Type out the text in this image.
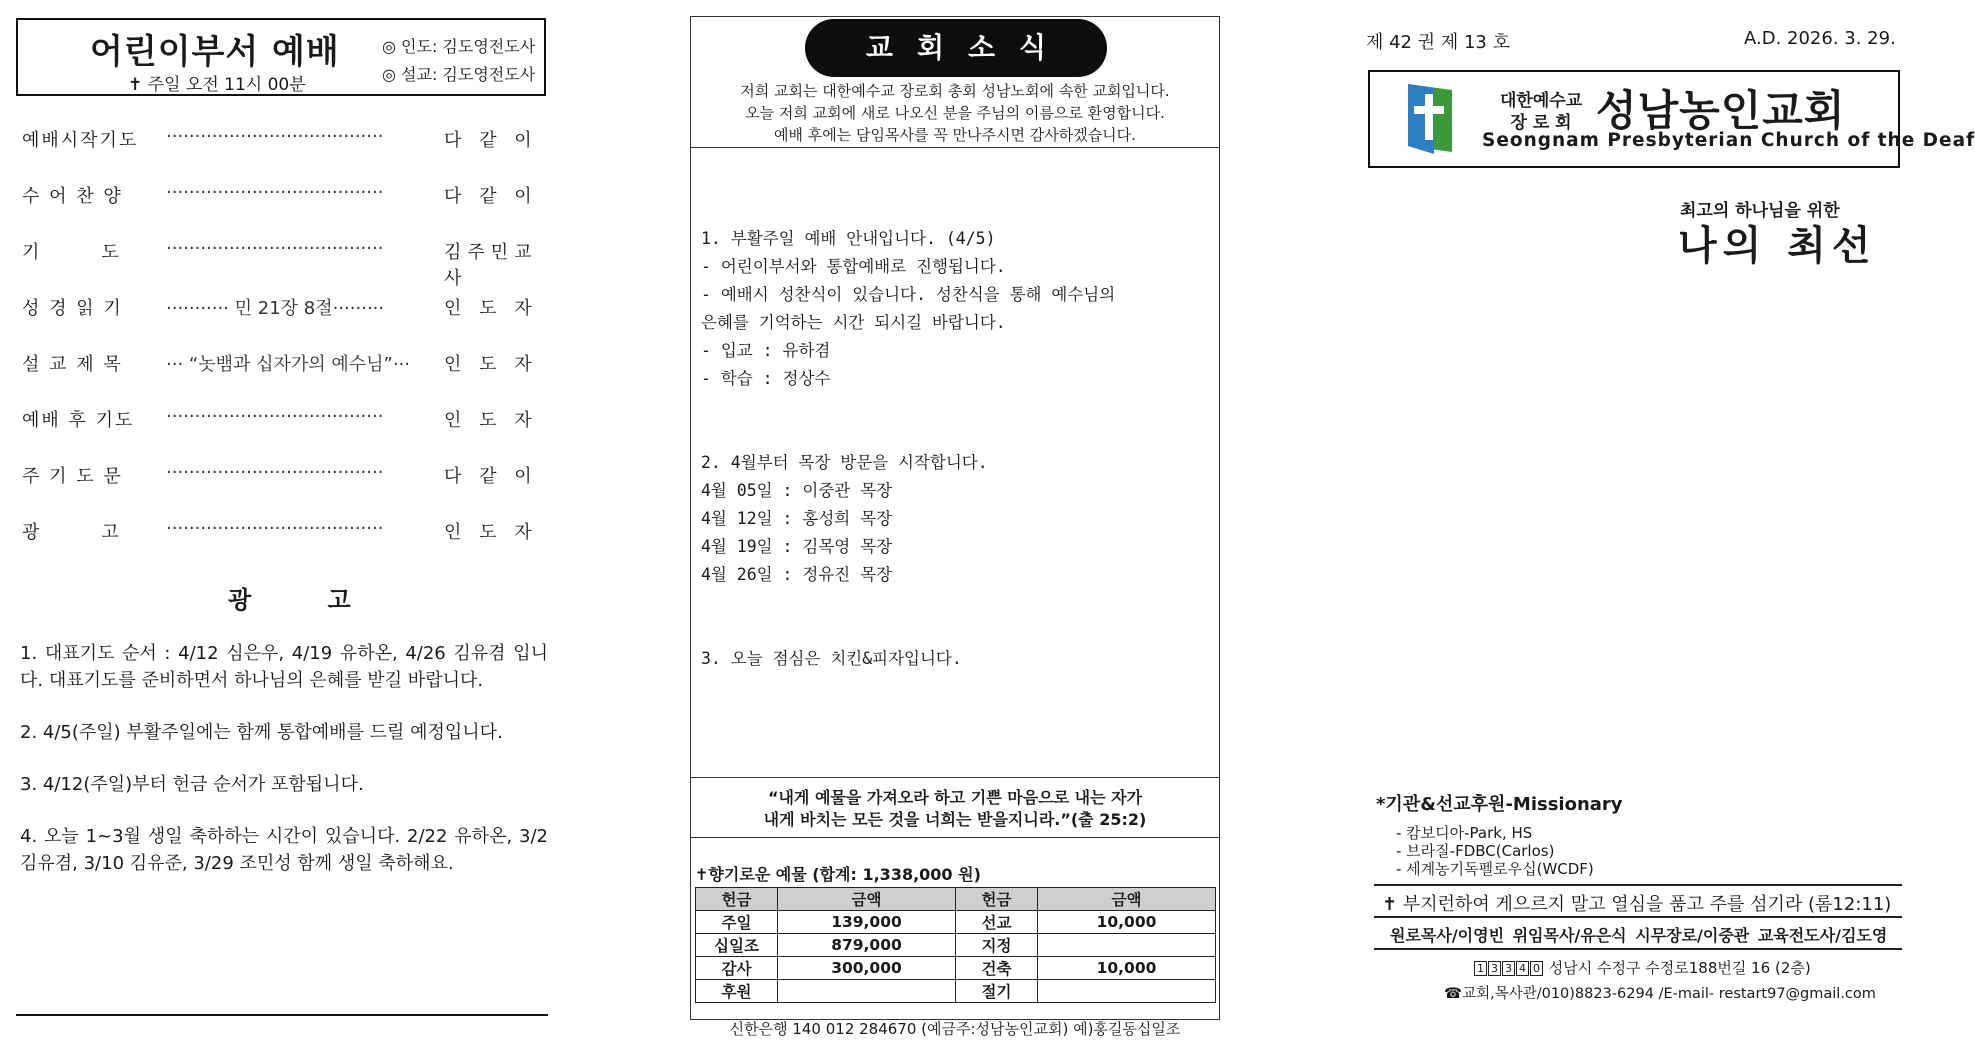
어린이부서 예배
✝ 주일 오전 11시 00분
◎ 인도: 김도영전도사
◎ 설교: 김도영전도사
예배시작기도 ······································	다 같 이
수 어 찬 양 ······································	다 같 이
기　　　도	······································	김주민교사
성 경 읽 기 ··········· 민 21장 8절·········	인 도 자
설 교 제 목 ··· “놋뱀과 십자가의 예수님”···	인 도 자
예배 후 기도 ······································	인 도 자
주 기 도 문 ······································	다 같 이
광　　　고	······································	인 도 자
광 고

1. 대표기도 순서 : 4/12 심은우, 4/19 유하온, 4/26 김유겸 입니다. 대표기도를 준비하면서 하나님의 은혜를 받길 바랍니다.

2. 4/5(주일) 부활주일에는 함께 통합예배를 드릴 예정입니다.

3. 4/12(주일)부터 헌금 순서가 포함됩니다.

4. 오늘 1~3월 생일 축하하는 시간이 있습니다. 2/22 유하온, 3/2 김유겸, 3/10 김유준, 3/29 조민성 함께 생일 축하해요.

교회소식
저희 교회는 대한예수교 장로회 총회 성남노회에 속한 교회입니다.
오늘 저희 교회에 새로 나오신 분을 주님의 이름으로 환영합니다.
예배 후에는 담임목사를 꼭 만나주시면 감사하겠습니다.

1. 부활주일 예배 안내입니다. (4/5)

- 어린이부서와 통합예배로 진행됩니다.

- 예배시 성찬식이 있습니다. 성찬식을 통해 예수님의

은혜를 기억하는 시간 되시길 바랍니다.

- 입교 : 유하겸

- 학습 : 정상수

2. 4월부터 목장 방문을 시작합니다.

4월 05일 : 이중관 목장

4월 12일 : 홍성희 목장

4월 19일 : 김목영 목장

4월 26일 : 정유진 목장

3. 오늘 점심은 치킨&피자입니다.

“내게 예물을 가져오라 하고 기쁜 마음으로 내는 자가
내게 바치는 모든 것을 너희는 받을지니라.”(출 25:2)
✝향기로운 예물 (합계: 1,338,000 원)
헌금	금액	헌금	금액
주일	139,000	선교	10,000
십일조	879,000	지정	
감사	300,000	건축	10,000
후원		절기	
신한은행 140 012 284670 (예금주:성남농인교회) 예)홍길동십일조
제 42 권 제 13 호	A.D. 2026. 3. 29.
대한예수교
장 로 회 성남농인교회
Seongnam Presbyterian Church of the Deaf
최고의 하나님을 위한
나의 최선
*기관&선교후원-Missionary
- 캄보디아-Park, HS
- 브라질-FDBC(Carlos)
- 세계농기독펠로우십(WCDF)
✝ 부지런하여 게으르지 말고 열심을 품고 주를 섬기라 (롬12:11)
원로목사/이영빈 위임목사/유은식 시무장로/이중관 교육전도사/김도영
1 3 3 4 0 성남시 수정구 수정로188번길 16 (2층)
☎교회,목사관/010)8823-6294 /E-mail- restart97@gmail.com
